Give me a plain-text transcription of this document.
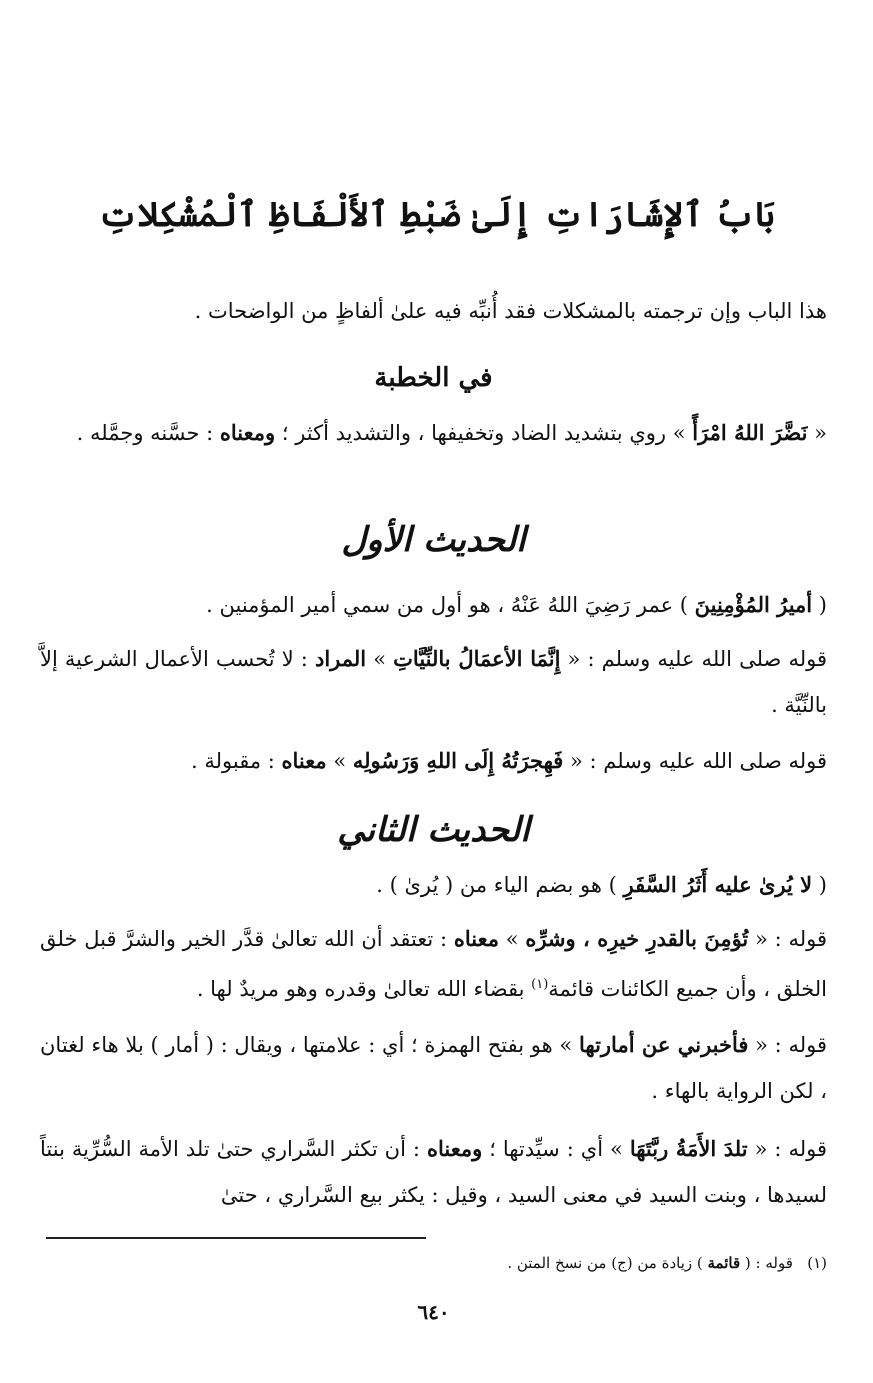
بَابُ ٱلإِشَارَاتِ إِلَىٰ ضَبْطِ ٱلأَلْفَاظِ ٱلْمُشْكِلاتِ
هذا الباب وإن ترجمته بالمشكلات فقد أُنبِّه فيه علىٰ ألفاظٍ من الواضحات .
في الخطبة
« نَضَّرَ اللهُ امْرَأً » روي بتشديد الضاد وتخفيفها ، والتشديد أكثر ؛ ومعناه : حسَّنه وجمَّله .
الحديث الأول
( أميرُ المُؤْمِنِينَ ) عمر رَضِيَ اللهُ عَنْهُ ، هو أول من سمي أمير المؤمنين .
قوله صلى الله عليه وسلم : « إِنَّمَا الأعمَالُ بالنِّيَّاتِ » المراد : لا تُحسب الأعمال الشرعية إلاَّ بالنِّيَّة .
قوله صلى الله عليه وسلم : « فَهِجرَتُهُ إِلَى اللهِ وَرَسُولِه » معناه : مقبولة .
الحديث الثاني
( لا يُرىٰ عليه أَثَرُ السَّفَرِ ) هو بضم الياء من ( يُرىٰ ) .
قوله : « تُؤمِنَ بالقدرِ خيرِه ، وشرِّه » معناه : تعتقد أن الله تعالىٰ قدَّر الخير والشرَّ قبل خلق الخلق ، وأن جميع الكائنات قائمة$^{(١)}$ بقضاء الله تعالىٰ وقدره وهو مريدٌ لها .
قوله : « فأخبرني عن أمارتها » هو بفتح الهمزة ؛ أي : علامتها ، ويقال : ( أمار ) بلا هاء لغتان ، لكن الرواية بالهاء .
قوله : « تلدَ الأَمَةُ ربَّتَهَا » أي : سيِّدتها ؛ ومعناه : أن تكثر السَّراري حتىٰ تلد الأمة السُّرِّية بنتاً لسيدها ، وبنت السيد في معنى السيد ، وقيل : يكثر بيع السَّراري ، حتىٰ
(١)   قوله : ( قائمة ) زيادة من (ج) من نسخ المتن .
٦٤٠
